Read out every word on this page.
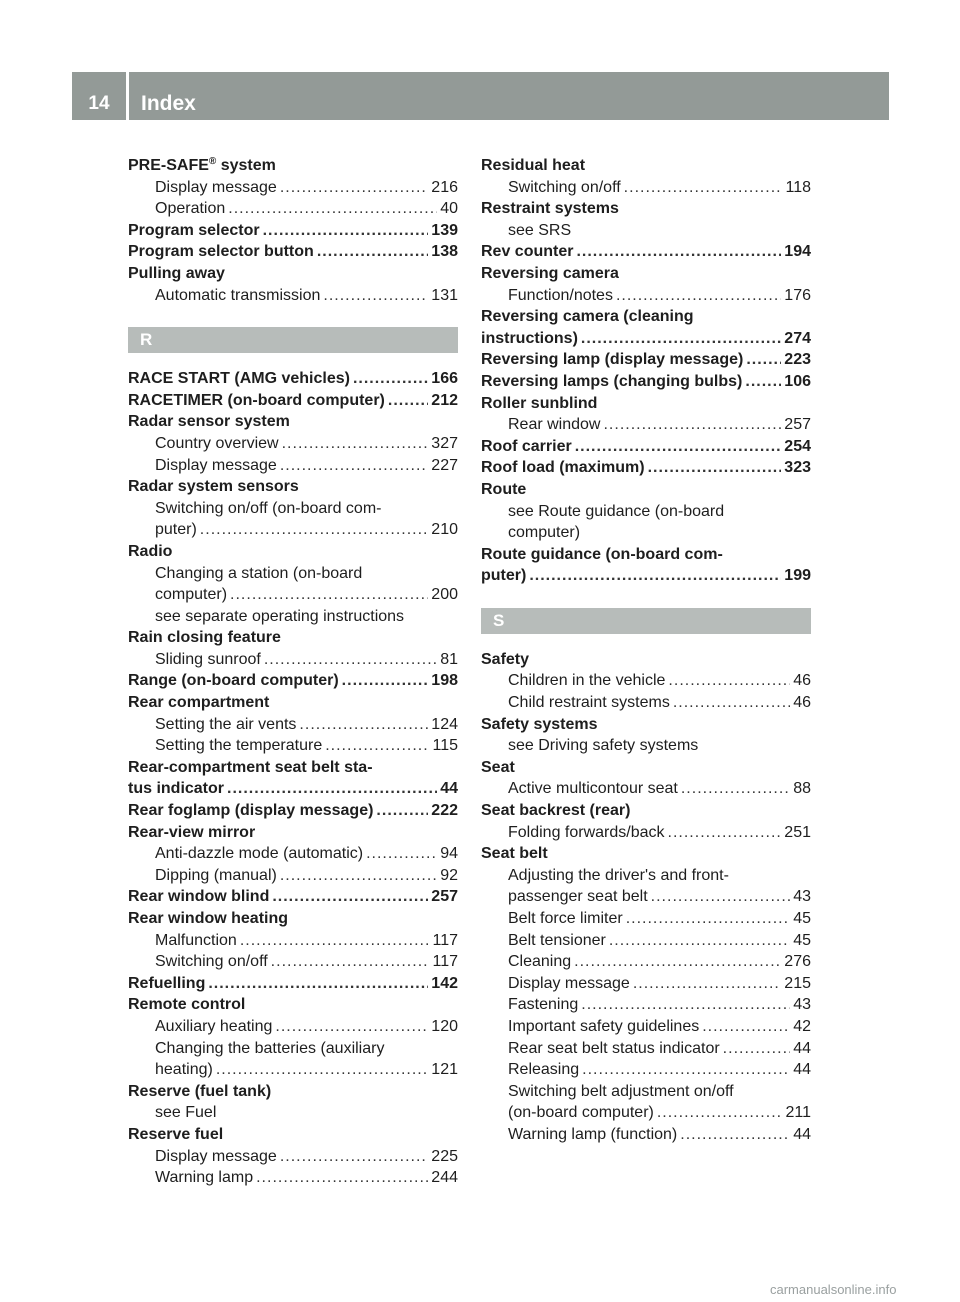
14	Index
PRE-SAFE® system
Display message .....	216
Operation .....	40
Program selector .....	139
Program selector button .....	138
Pulling away
Automatic transmission .....	131
R
RACE START (AMG vehicles) .....	166
RACETIMER (on-board computer) .....	212
Radar sensor system
Country overview .....	327
Display message .....	227
Radar system sensors
Switching on/off (on-board com-
puter) .....	210
Radio
Changing a station (on-board
computer) .....	200
see separate operating instructions
Rain closing feature
Sliding sunroof .....	81
Range (on-board computer) .....	198
Rear compartment
Setting the air vents .....	124
Setting the temperature .....	115
Rear-compartment seat belt sta-
tus indicator .....	44
Rear foglamp (display message) .....	222
Rear-view mirror
Anti-dazzle mode (automatic) .....	94
Dipping (manual) .....	92
Rear window blind .....	257
Rear window heating
Malfunction .....	117
Switching on/off .....	117
Refuelling .....	142
Remote control
Auxiliary heating .....	120
Changing the batteries (auxiliary
heating) .....	121
Reserve (fuel tank)
see Fuel
Reserve fuel
Display message .....	225
Warning lamp .....	244
Residual heat
Switching on/off .....	118
Restraint systems
see SRS
Rev counter .....	194
Reversing camera
Function/notes .....	176
Reversing camera (cleaning
instructions) .....	274
Reversing lamp (display message) .....	223
Reversing lamps (changing bulbs) .....	106
Roller sunblind
Rear window .....	257
Roof carrier .....	254
Roof load (maximum) .....	323
Route
see Route guidance (on-board
computer)
Route guidance (on-board com-
puter) .....	199
S
Safety
Children in the vehicle .....	46
Child restraint systems .....	46
Safety systems
see Driving safety systems
Seat
Active multicontour seat .....	88
Seat backrest (rear)
Folding forwards/back .....	251
Seat belt
Adjusting the driver's and front-
passenger seat belt .....	43
Belt force limiter .....	45
Belt tensioner .....	45
Cleaning .....	276
Display message .....	215
Fastening .....	43
Important safety guidelines .....	42
Rear seat belt status indicator .....	44
Releasing .....	44
Switching belt adjustment on/off
(on-board computer) .....	211
Warning lamp (function) .....	44
carmanualsonline.info
